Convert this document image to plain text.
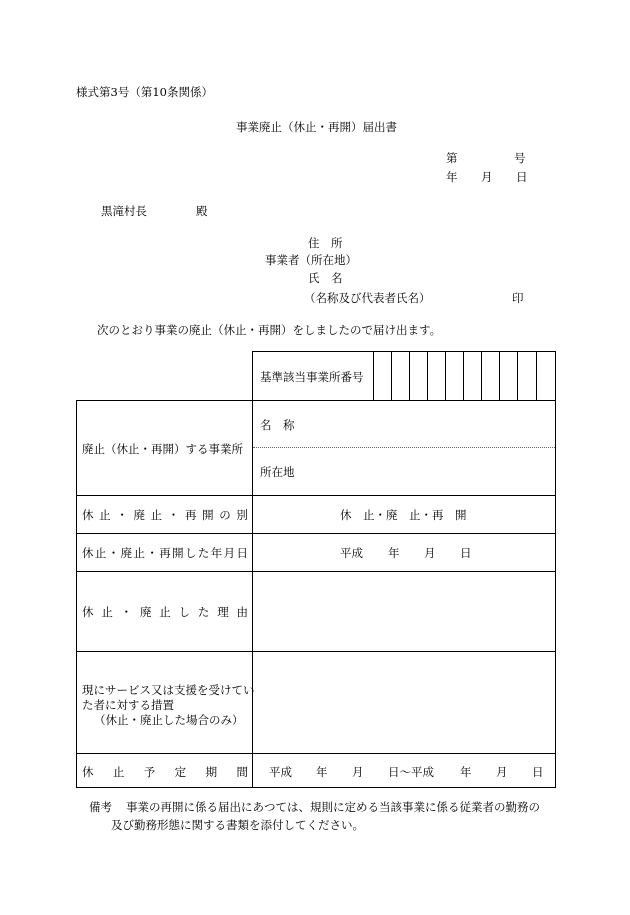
様式第3号（第10条関係）
事業廃止（休止・再開）届出書
第	号
年 月 日
黒滝村長	殿
住　所
事業者（所在地）
氏　名
（名称及び代表者氏名）	印
次のとおり事業の廃止（休止・再開）をしましたので届け出ます。
基準該当事業所番号
廃止（休止・再開）する事業所
名　称
所在地
休 止 ・ 廃 止 ・ 再 開 の 別	休　止・廃　止・再　開
休 止 ・ 廃 止 ・ 再 開 し た 年 月 日	平成 年 月 日
休 止 ・ 廃 止 し た 理 由
現にサービス又は支援を受けてい
た者に対する措置
（休止・廃止した場合のみ）
休 止 予 定 期 間 平成 年 月 日～平成 年 月 日
備考 事業の再開に係る届出にあつては、規則に定める当該事業に係る従業者の勤務の
及び勤務形態に関する書類を添付してください。
